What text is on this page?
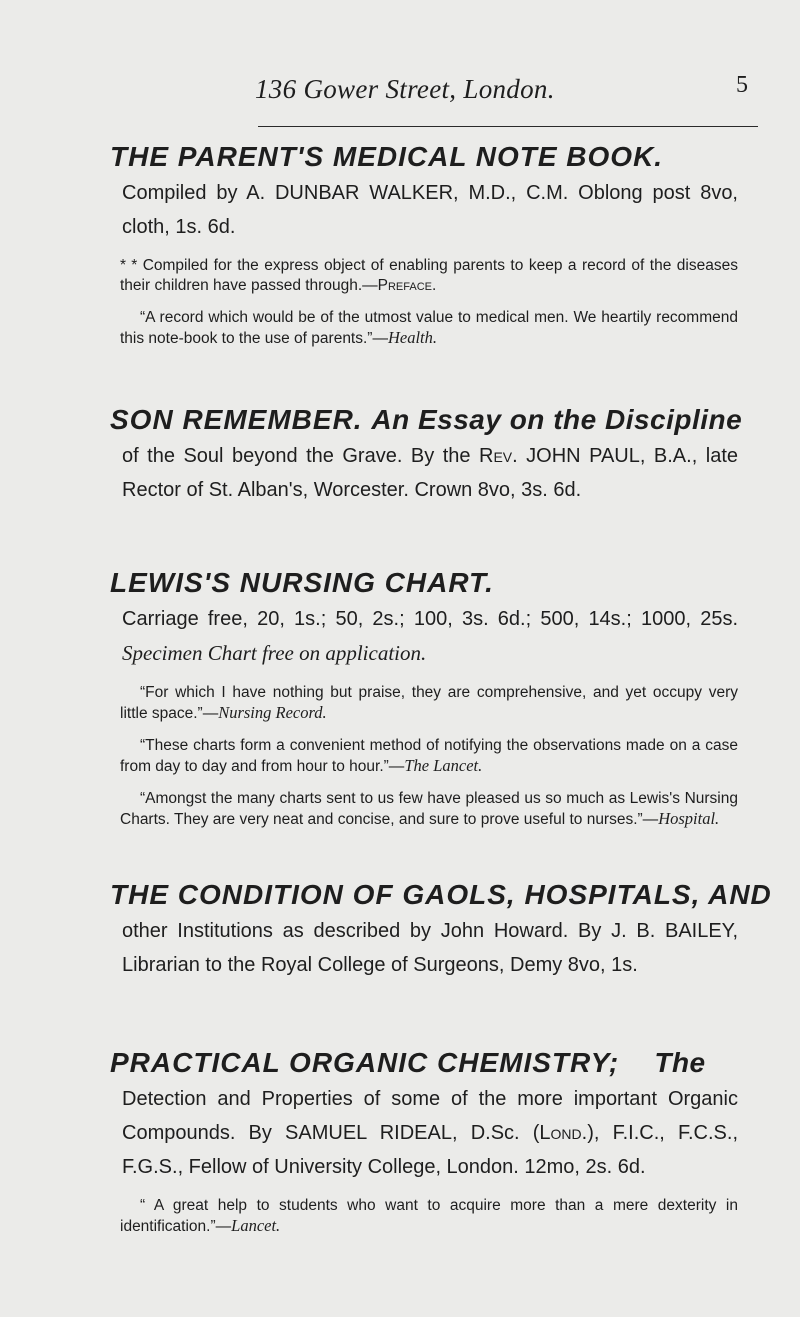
136 Gower Street, London.	5
THE PARENT'S MEDICAL NOTE BOOK.
Compiled by A. DUNBAR WALKER, M.D., C.M. Oblong post 8vo, cloth, 1s. 6d.
* * Compiled for the express object of enabling parents to keep a record of the diseases their children have passed through.—Preface.
“A record which would be of the utmost value to medical men. We heartily recommend this note-book to the use of parents.”—Health.
SON REMEMBER. An Essay on the Discipline
of the Soul beyond the Grave. By the Rev. JOHN PAUL, B.A., late Rector of St. Alban's, Worcester. Crown 8vo, 3s. 6d.
LEWIS'S NURSING CHART.
Carriage free, 20, 1s.; 50, 2s.; 100, 3s. 6d.; 500, 14s.; 1000, 25s. Specimen Chart free on application.
“For which I have nothing but praise, they are comprehensive, and yet occupy very little space.”—Nursing Record.
“These charts form a convenient method of notifying the observations made on a case from day to day and from hour to hour.”—The Lancet.
“Amongst the many charts sent to us few have pleased us so much as Lewis's Nursing Charts. They are very neat and concise, and sure to prove useful to nurses.”—Hospital.
THE CONDITION OF GAOLS, HOSPITALS, AND
other Institutions as described by John Howard. By J. B. BAILEY, Librarian to the Royal College of Surgeons, Demy 8vo, 1s.
PRACTICAL ORGANIC CHEMISTRY; The
Detection and Properties of some of the more important Organic Compounds. By SAMUEL RIDEAL, D.Sc. (Lond.), F.I.C., F.C.S., F.G.S., Fellow of University College, London. 12mo, 2s. 6d.
“ A great help to students who want to acquire more than a mere dexterity in identification.”—Lancet.
